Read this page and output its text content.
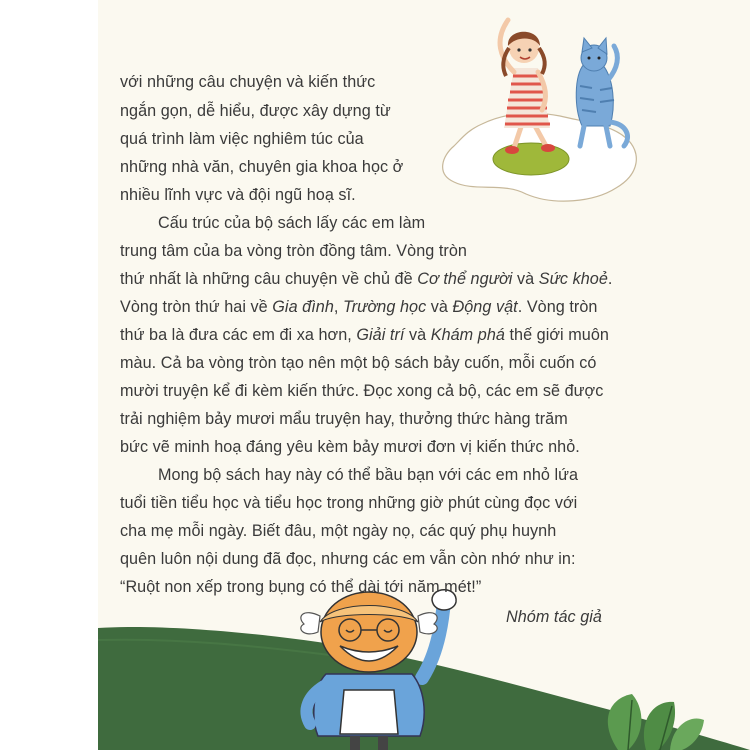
với những câu chuyện và kiến thức

ngắn gọn, dễ hiểu, được xây dựng từ

quá trình làm việc nghiêm túc của

những nhà văn, chuyên gia khoa học ở

nhiều lĩnh vực và đội ngũ hoạ sĩ.

Cấu trúc của bộ sách lấy các em làm

trung tâm của ba vòng tròn đồng tâm. Vòng tròn

thứ nhất là những câu chuyện về chủ đề Cơ thể người và Sức khoẻ.

Vòng tròn thứ hai về Gia đình, Trường học và Động vật. Vòng tròn

thứ ba là đưa các em đi xa hơn, Giải trí và Khám phá thế giới muôn

màu. Cả ba vòng tròn tạo nên một bộ sách bảy cuốn, mỗi cuốn có

mười truyện kể đi kèm kiến thức. Đọc xong cả bộ, các em sẽ được

trải nghiệm bảy mươi mẩu truyện hay, thưởng thức hàng trăm

bức vẽ minh hoạ đáng yêu kèm bảy mươi đơn vị kiến thức nhỏ.

Mong bộ sách hay này có thể bầu bạn với các em nhỏ lứa

tuổi tiền tiểu học và tiểu học trong những giờ phút cùng đọc với

cha mẹ mỗi ngày. Biết đâu, một ngày nọ, các quý phụ huynh

quên luôn nội dung đã đọc, nhưng các em vẫn còn nhớ như in:

“Ruột non xếp trong bụng có thể dài tới năm mét!”

Nhóm tác giả
